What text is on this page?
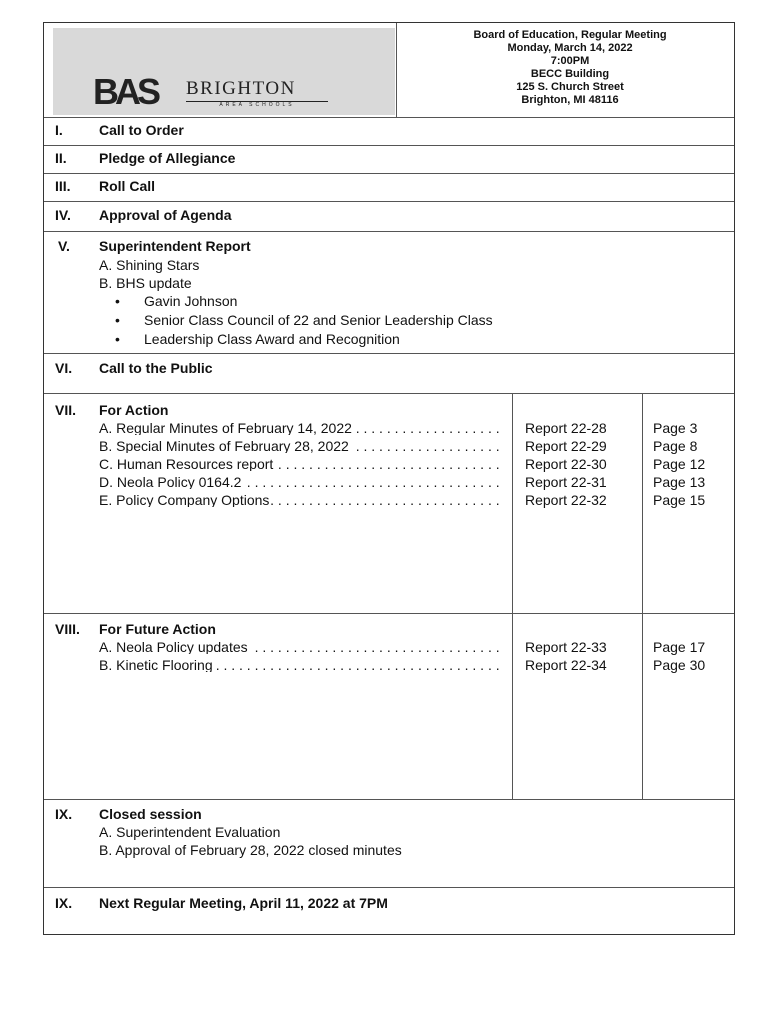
BAS BRIGHTON
AREA SCHOOLS
Board of Education, Regular Meeting
Monday, March 14, 2022
7:00PM
BECC Building
125 S. Church Street
Brighton, MI 48116
I.	Call to Order
II. Pledge of Allegiance
III. Roll Call
IV. Approval of Agenda
V. Superintendent Report
A. Shining Stars
B. BHS update
• Gavin Johnson
• Senior Class Council of 22 and Senior Leadership Class
• Leadership Class Award and Recognition
VI. Call to the Public
VII. For Action
A. Regular Minutes of February 14, 2022 . . .	Report 22-28	Page 3
B. Special Minutes of February 28, 2022 . . .	Report 22-29	Page 8
C. Human Resources report . . .	Report 22-30	Page 12
D. Neola Policy 0164.2 . . .	Report 22-31	Page 13
E. Policy Company Options . . .	Report 22-32	Page 15
VIII. For Future Action
A. Neola Policy updates . . .	Report 22-33	Page 17
B. Kinetic Flooring . . .	Report 22-34	Page 30
IX. Closed session
A. Superintendent Evaluation
B. Approval of February 28, 2022 closed minutes
IX. Next Regular Meeting, April 11, 2022 at 7PM
